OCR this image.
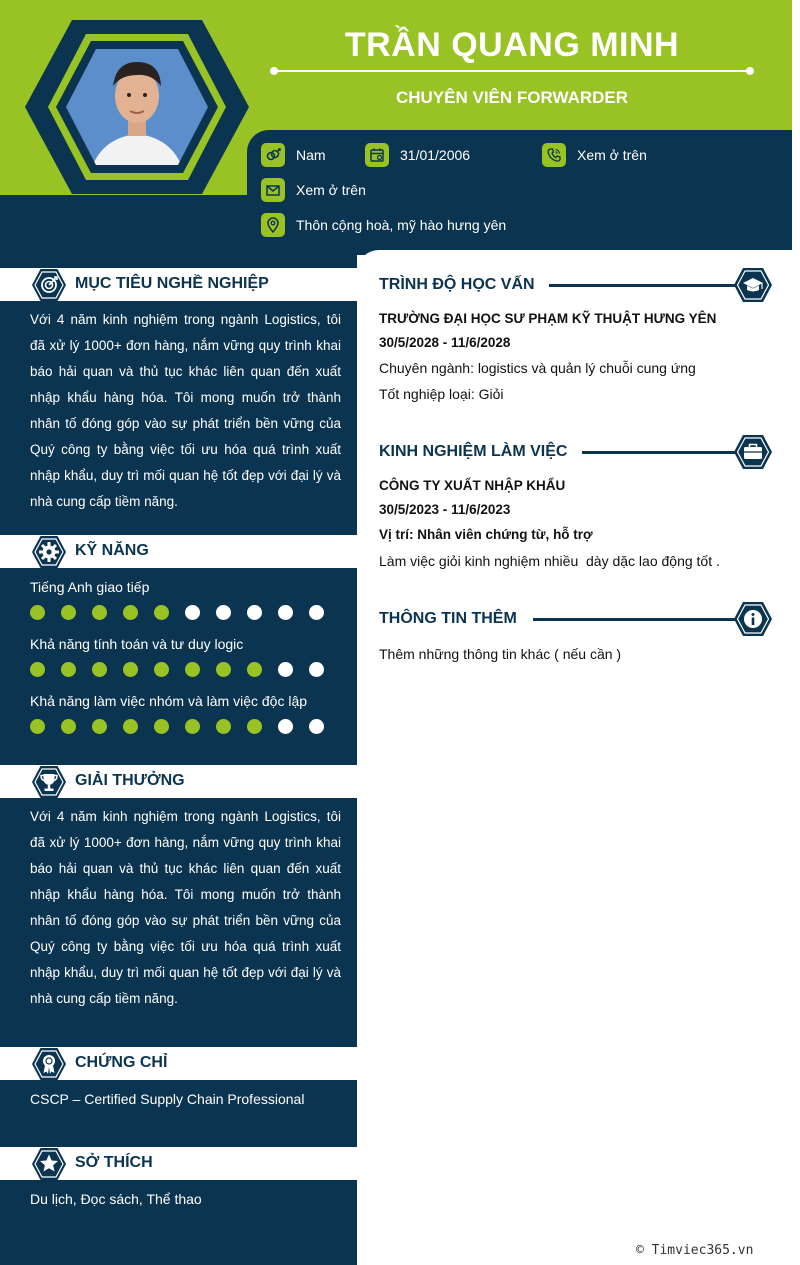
TRẦN QUANG MINH
CHUYÊN VIÊN FORWARDER
Nam	31/01/2006	Xem ở trên
Xem ở trên
Thôn cộng hoà, mỹ hào hưng yên
MỤC TIÊU NGHỀ NGHIỆP
Với 4 năm kinh nghiệm trong ngành Logistics, tôi đã xử lý 1000+ đơn hàng, nắm vững quy trình khai báo hải quan và thủ tục khác liên quan đến xuất nhập khẩu hàng hóa. Tôi mong muốn trở thành nhân tố đóng góp vào sự phát triển bền vững của Quý công ty bằng việc tối ưu hóa quá trình xuất nhập khẩu, duy trì mối quan hệ tốt đẹp với đại lý và nhà cung cấp tiềm năng.
KỸ NĂNG
Tiếng Anh giao tiếp
Khả năng tính toán và tư duy logic
Khả năng làm việc nhóm và làm việc độc lập
GIẢI THƯỞNG
Với 4 năm kinh nghiệm trong ngành Logistics, tôi đã xử lý 1000+ đơn hàng, nắm vững quy trình khai báo hải quan và thủ tục khác liên quan đến xuất nhập khẩu hàng hóa. Tôi mong muốn trở thành nhân tố đóng góp vào sự phát triển bền vững của Quý công ty bằng việc tối ưu hóa quá trình xuất nhập khẩu, duy trì mối quan hệ tốt đẹp với đại lý và nhà cung cấp tiềm năng.
CHỨNG CHỈ
CSCP – Certified Supply Chain Professional
SỞ THÍCH
Du lịch, Đọc sách, Thể thao
TRÌNH ĐỘ HỌC VẤN
TRƯỜNG ĐẠI HỌC SƯ PHẠM KỸ THUẬT HƯNG YÊN
30/5/2028 - 11/6/2028
Chuyên ngành: logistics và quản lý chuỗi cung ứng
Tốt nghiệp loại: Giỏi
KINH NGHIỆM LÀM VIỆC
CÔNG TY XUẤT NHẬP KHẨU
30/5/2023 - 11/6/2023
Vị trí: Nhân viên chứng từ, hỗ trợ
Làm việc giỏi kinh nghiệm nhiều  dày dặc lao động tốt .
THÔNG TIN THÊM
Thêm những thông tin khác ( nếu cần )
© Timviec365.vn
